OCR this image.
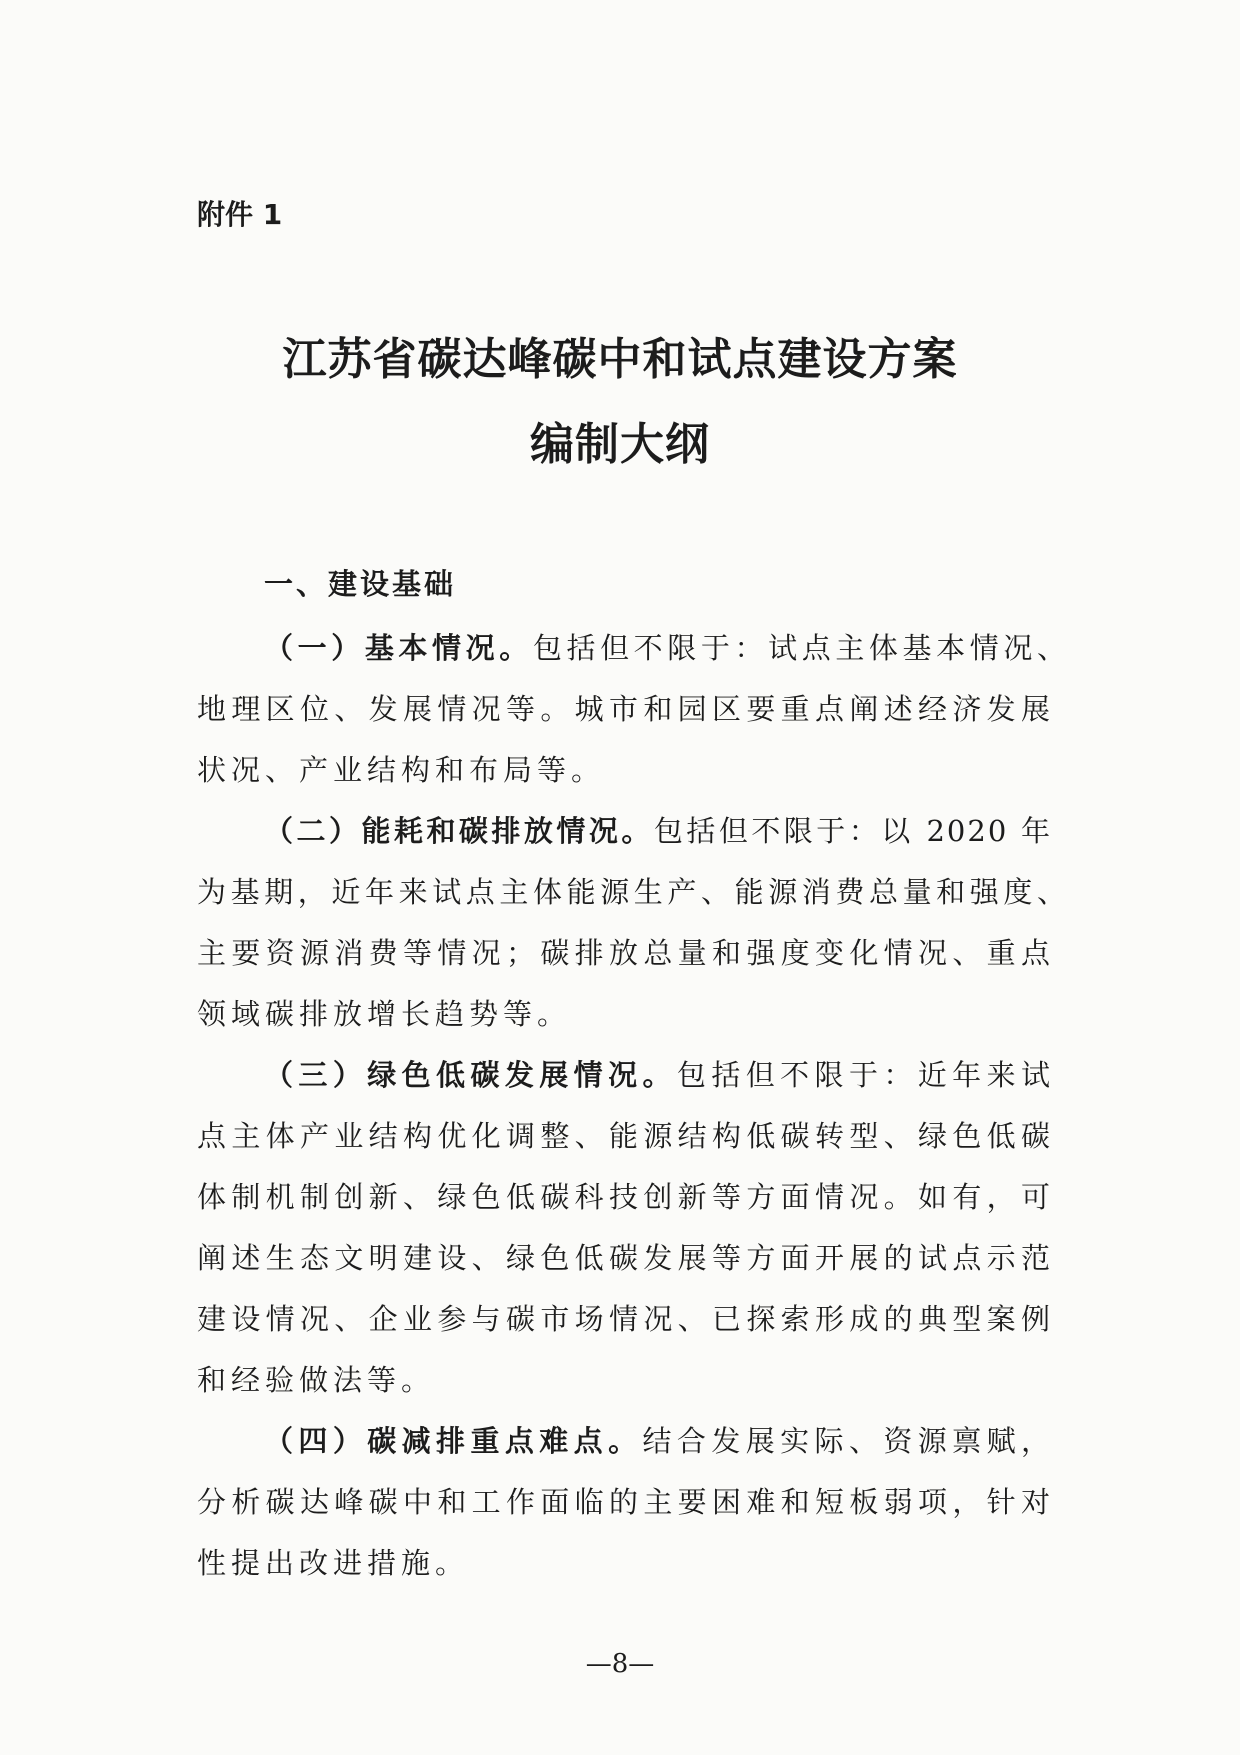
附件 1
江苏省碳达峰碳中和试点建设方案
编制大纲
一、建设基础
（一）基本情况。包括但不限于：试点主体基本情况、
地理区位、发展情况等。城市和园区要重点阐述经济发展
状况、产业结构和布局等。
（二）能耗和碳排放情况。包括但不限于：以 2020 年
为基期，近年来试点主体能源生产、能源消费总量和强度、
主要资源消费等情况；碳排放总量和强度变化情况、重点
领域碳排放增长趋势等。
（三）绿色低碳发展情况。包括但不限于：近年来试
点主体产业结构优化调整、能源结构低碳转型、绿色低碳
体制机制创新、绿色低碳科技创新等方面情况。如有，可
阐述生态文明建设、绿色低碳发展等方面开展的试点示范
建设情况、企业参与碳市场情况、已探索形成的典型案例
和经验做法等。
（四）碳减排重点难点。结合发展实际、资源禀赋，
分析碳达峰碳中和工作面临的主要困难和短板弱项，针对
性提出改进措施。
—8—
